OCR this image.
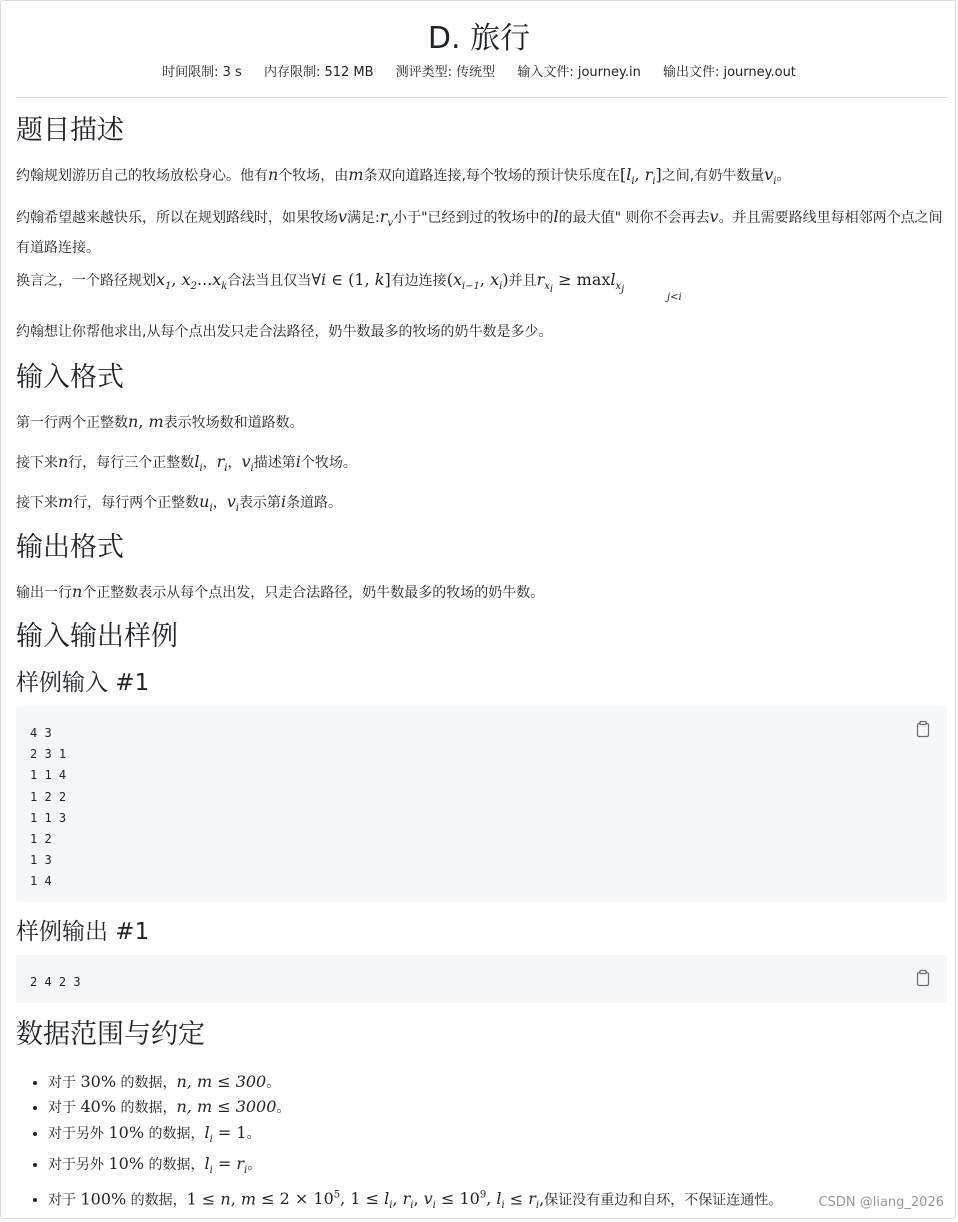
D. 旅行
时间限制: 3 s 内存限制: 512 MB 测评类型: 传统型 输入文件: journey.in 输出文件: journey.out
题目描述

约翰规划游历自己的牧场放松身心。他有n个牧场，由m条双向道路连接,每个牧场的预计快乐度在[$l_i$, $r_i$]之间,有奶牛数量$v_i$。

约翰希望越来越快乐，所以在规划路线时，如果牧场v满足$:r_v$小于"已经到过的牧场中的l的最大值" 则你不会再去v。并且需要路线里每相邻两个点之间有道路连接。

换言之，一个路径规划$x_1$, $x_2...x_k$合法当且仅当∀i ∈ (1, k]有边连接($x_{i-1}$, $x_i$)并且$r_{x_i} \ge \max l_{x_j}$
j<i

约翰想让你帮他求出,从每个点出发只走合法路径，奶牛数最多的牧场的奶牛数是多少。

输入格式

第一行两个正整数n, m表示牧场数和道路数。

接下来n行，每行三个正整数$l_i$，$r_i$，$v_i$描述第i个牧场。

接下来m行，每行两个正整数$u_i$，$v_i$表示第i条道路。

输出格式

输出一行n个正整数表示从每个点出发，只走合法路径，奶牛数最多的牧场的奶牛数。

输入输出样例
样例输入 #1
4 3
2 3 1
1 1 4
1 2 2
1 1 3
1 2
1 3
1 4
样例输出 #1
2 4 2 3
数据范围与约定
• 对于 30% 的数据，n, m ≤ 300。
• 对于 40% 的数据，n, m ≤ 3000。
• 对于另外 10% 的数据，$l_i = 1$。
• 对于另外 10% 的数据，$l_i = r_i$。
• 对于 100% 的数据，1 ≤ n, $m \le 2 \times 10^5$, $1 \le l_i$, $r_i$, $v_i \le 10^9$, $l_i \le r_i$,保证没有重边和自环，不保证连通性。	CSDN @liang_2026
